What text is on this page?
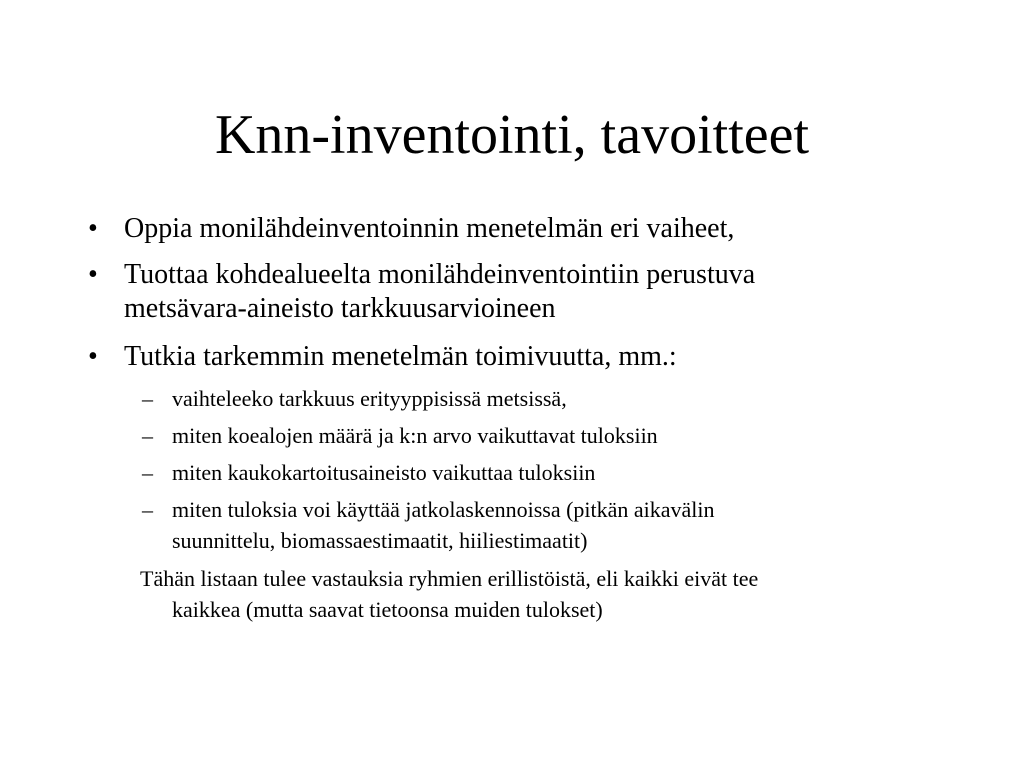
Knn-inventointi, tavoitteet
• Oppia monilähdeinventoinnin menetelmän eri vaiheet,
• Tuottaa kohdealueelta monilähdeinventointiin perustuva
metsävara-aineisto tarkkuusarvioineen
• Tutkia tarkemmin menetelmän toimivuutta, mm.:
– vaihteleeko tarkkuus erityyppisissä metsissä,
– miten koealojen määrä ja k:n arvo vaikuttavat tuloksiin
– miten kaukokartoitusaineisto vaikuttaa tuloksiin
– miten tuloksia voi käyttää jatkolaskennoissa (pitkän aikavälin
suunnittelu, biomassaestimaatit, hiiliestimaatit)
Tähän listaan tulee vastauksia ryhmien erillistöistä, eli kaikki eivät tee
kaikkea (mutta saavat tietoonsa muiden tulokset)
